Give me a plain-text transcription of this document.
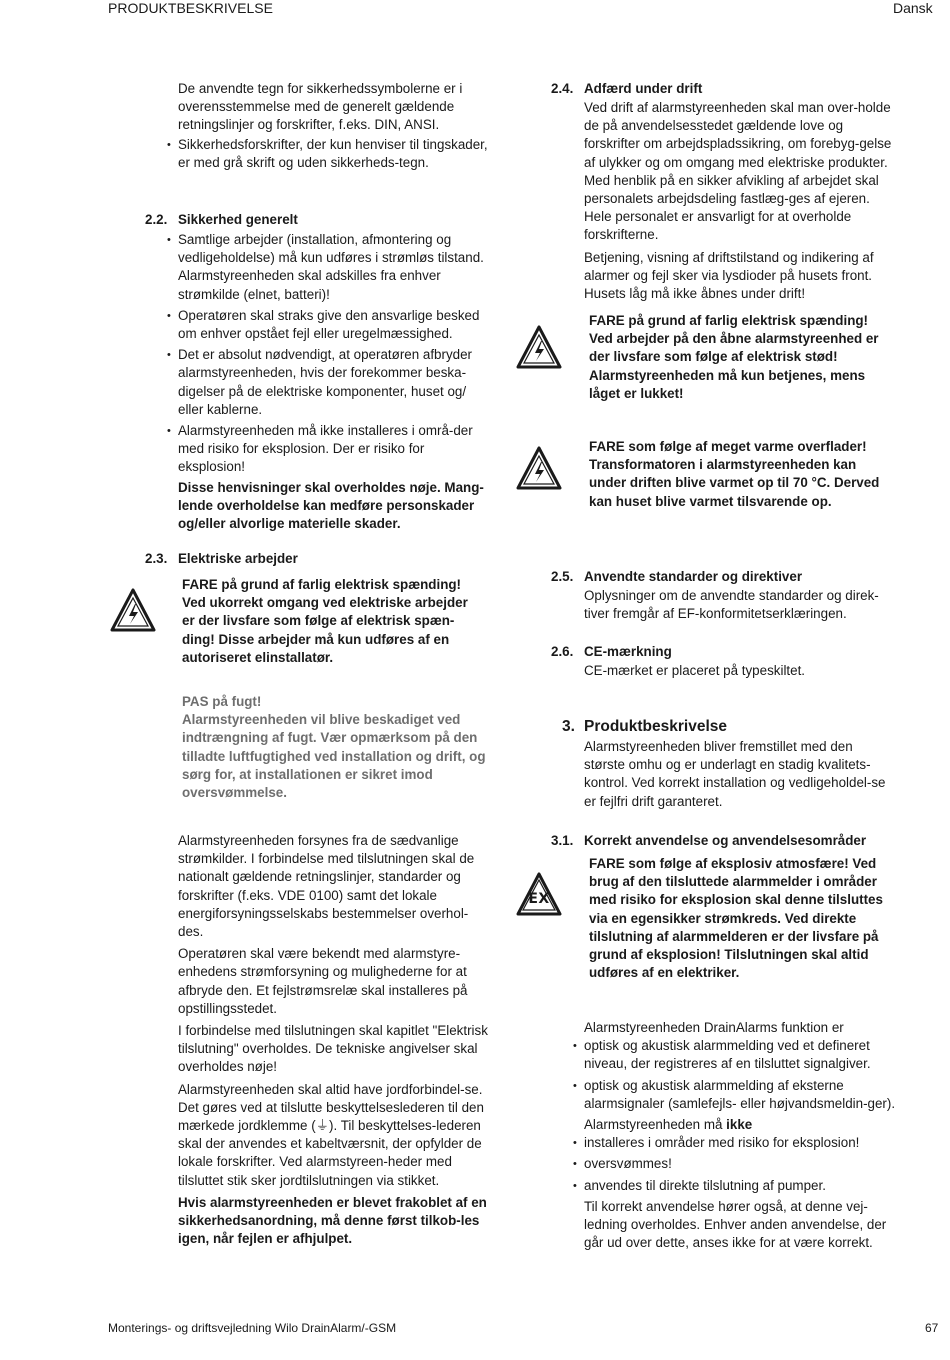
PRODUKTBESKRIVELSE	Dansk
Monterings- og driftsvejledning Wilo DrainAlarm/-GSM	67

De anvendte tegn for sikkerhedssymbolerne er i overensstemmelse med de generelt gældende retningslinjer og forskrifter, f.eks. DIN, ANSI.

• Sikkerhedsforskrifter, der kun henviser til tingskader, er med grå skrift og uden sikkerheds-tegn.
2.2. Sikkerhed generelt
• Samtlige arbejder (installation, afmontering og vedligeholdelse) må kun udføres i strømløs tilstand. Alarmstyreenheden skal adskilles fra enhver strømkilde (elnet, batteri)!
• Operatøren skal straks give den ansvarlige besked om enhver opstået fejl eller uregelmæssighed.
• Det er absolut nødvendigt, at operatøren afbryder alarmstyreenheden, hvis der forekommer beska-digelser på de elektriske komponenter, huset og/ eller kablerne.
• Alarmstyreenheden må ikke installeres i områ-der med risiko for eksplosion. Der er risiko for eksplosion!

Disse henvisninger skal overholdes nøje. Mang-lende overholdelse kan medføre personskader og/eller alvorlige materielle skader.

2.3. Elektriske arbejder
FARE på grund af farlig elektrisk spænding! Ved ukorrekt omgang ved elektriske arbejder er der livsfare som følge af elektrisk spæn-ding! Disse arbejder må kun udføres af en autoriseret elinstallatør.

PAS på fugt!

Alarmstyreenheden vil blive beskadiget ved indtrængning af fugt. Vær opmærksom på den tilladte luftfugtighed ved installation og drift, og sørg for, at installationen er sikret imod oversvømmelse.

Alarmstyreenheden forsynes fra de sædvanlige strømkilder. I forbindelse med tilslutningen skal de nationalt gældende retningslinjer, standarder og forskrifter (f.eks. VDE 0100) samt det lokale energiforsyningsselskabs bestemmelser overhol-des.

Operatøren skal være bekendt med alarmstyre-enhedens strømforsyning og mulighederne for at afbryde den. Et fejlstrømsrelæ skal installeres på opstillingsstedet.

I forbindelse med tilslutningen skal kapitlet "Elektrisk tilslutning" overholdes. De tekniske angivelser skal overholdes nøje!

Alarmstyreenheden skal altid have jordforbindel-se. Det gøres ved at tilslutte beskyttelseslederen til den mærkede jordklemme (⏚). Til beskyttelses-lederen skal der anvendes et kabeltværsnit, der opfylder de lokale forskrifter. Ved alarmstyreen-heder med tilsluttet stik sker jordtilslutningen via stikket.

Hvis alarmstyreenheden er blevet frakoblet af en sikkerhedsanordning, må denne først tilkob-les igen, når fejlen er afhjulpet.

2.4. Adfærd under drift

Ved drift af alarmstyreenheden skal man over-holde de på anvendelsesstedet gældende love og forskrifter om arbejdspladssikring, om forebyg-gelse af ulykker og om omgang med elektriske produkter. Med henblik på en sikker afvikling af arbejdet skal personalets arbejdsdeling fastlæg-ges af ejeren. Hele personalet er ansvarligt for at overholde forskrifterne.

Betjening, visning af driftstilstand og indikering af alarmer og fejl sker via lysdioder på husets front. Husets låg må ikke åbnes under drift!

FARE på grund af farlig elektrisk spænding! Ved arbejder på den åbne alarmstyreenhed er der livsfare som følge af elektrisk stød! Alarmstyreenheden må kun betjenes, mens låget er lukket!
FARE som følge af meget varme overflader! Transformatoren i alarmstyreenheden kan under driften blive varmet op til 70 °C. Derved kan huset blive varmet tilsvarende op.
2.5. Anvendte standarder og direktiver
Oplysninger om de anvendte standarder og direk-tiver fremgår af EF-konformitetserklæringen.
2.6. CE-mærkning
CE-mærket er placeret på typeskiltet.
3. Produktbeskrivelse
Alarmstyreenheden bliver fremstillet med den største omhu og er underlagt en stadig kvalitets-kontrol. Ved korrekt installation og vedligeholdel-se er fejlfri drift garanteret.
3.1. Korrekt anvendelse og anvendelsesområder
EX
FARE som følge af eksplosiv atmosfære! Ved brug af den tilsluttede alarmmelder i områder med risiko for eksplosion skal denne tilsluttes via en egensikker strømkreds. Ved direkte tilslutning af alarmmelderen er der livsfare på grund af eksplosion! Tilslutningen skal altid udføres af en elektriker.

Alarmstyreenheden DrainAlarms funktion er

• optisk og akustisk alarmmelding ved et defineret niveau, der registreres af en tilsluttet signalgiver.
• optisk og akustisk alarmmelding af eksterne alarmsignaler (samlefejls- eller højvandsmeldin-ger).

Alarmstyreenheden må ikke

• installeres i områder med risiko for eksplosion!
• oversvømmes!
• anvendes til direkte tilslutning af pumper.

Til korrekt anvendelse hører også, at denne vej-ledning overholdes. Enhver anden anvendelse, der går ud over dette, anses ikke for at være korrekt.
